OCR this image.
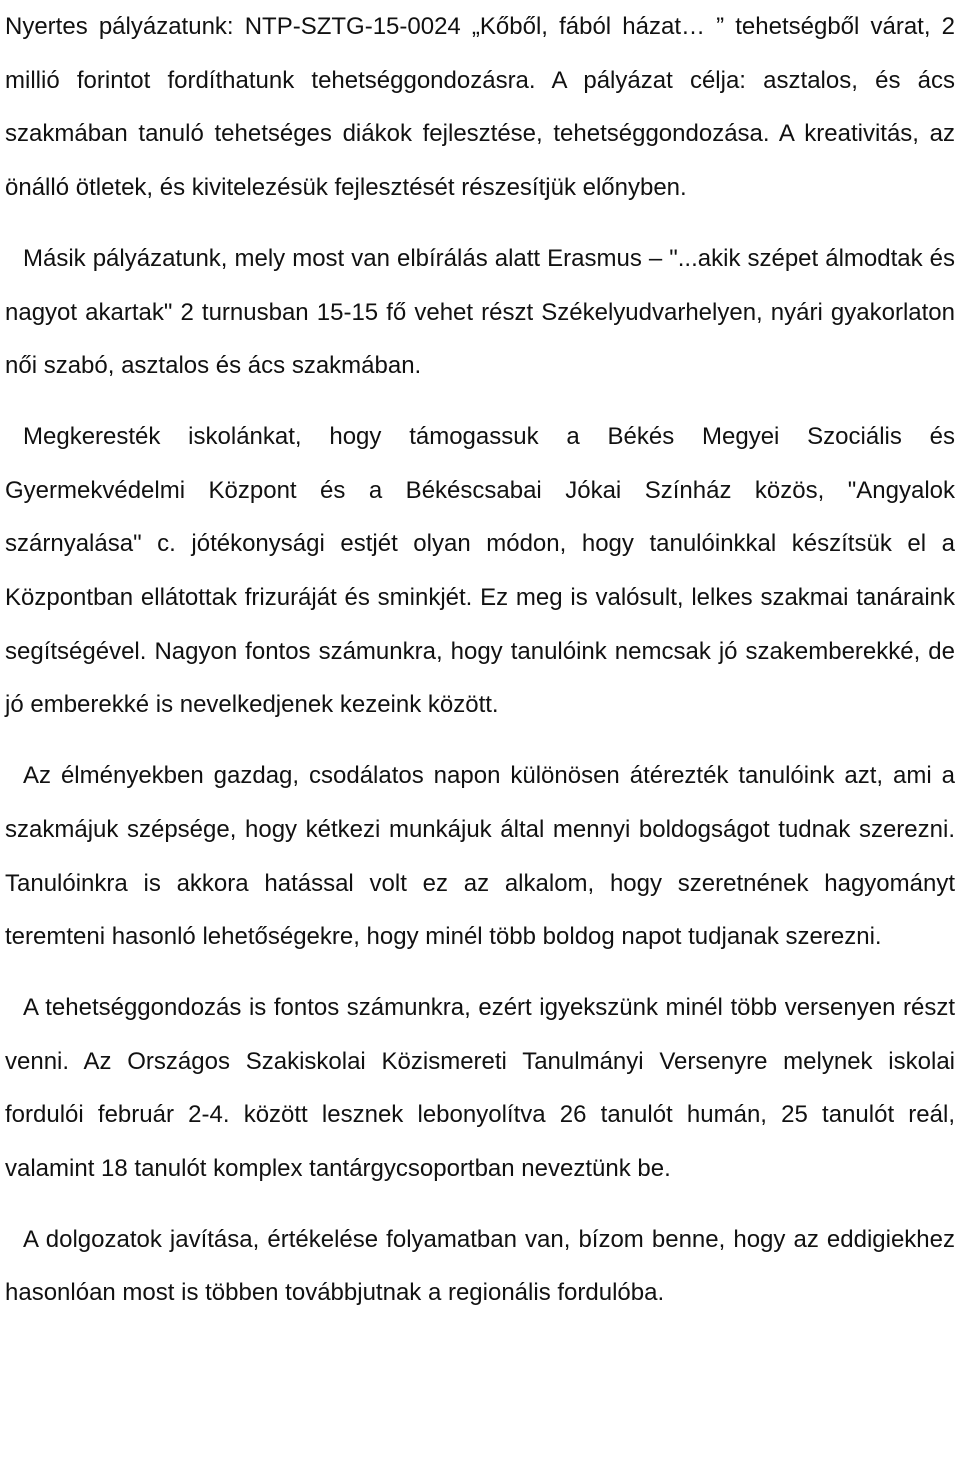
Nyertes pályázatunk: NTP-SZTG-15-0024 „Kőből, fából házat… ” tehetségből várat, 2 millió forintot fordíthatunk tehetséggondozásra. A pályázat célja: asztalos, és ács szakmában tanuló tehetséges diákok fejlesztése, tehetséggondozása. A kreativitás, az önálló ötletek, és kivitelezésük fejlesztését részesítjük előnyben.

Másik pályázatunk, mely most van elbírálás alatt Erasmus – "...akik szépet álmodtak és nagyot akartak" 2 turnusban 15-15 fő vehet részt Székelyudvarhelyen, nyári gyakorlaton női szabó, asztalos és ács szakmában.

Megkeresték iskolánkat, hogy támogassuk a Békés Megyei Szociális és Gyermekvédelmi Központ és a Békéscsabai Jókai Színház közös, "Angyalok szárnyalása" c. jótékonysági estjét olyan módon, hogy tanulóinkkal készítsük el a Központban ellátottak frizuráját és sminkjét. Ez meg is valósult, lelkes szakmai tanáraink segítségével. Nagyon fontos számunkra, hogy tanulóink nemcsak jó szakemberekké, de jó emberekké is nevelkedjenek kezeink között.

Az élményekben gazdag, csodálatos napon különösen átérezték tanulóink azt, ami a szakmájuk szépsége, hogy kétkezi munkájuk által mennyi boldogságot tudnak szerezni. Tanulóinkra is akkora hatással volt ez az alkalom, hogy szeretnének hagyományt teremteni hasonló lehetőségekre, hogy minél több boldog napot tudjanak szerezni.

A tehetséggondozás is fontos számunkra, ezért igyekszünk minél több versenyen részt venni. Az Országos Szakiskolai Közismereti Tanulmányi Versenyre melynek iskolai fordulói február 2-4. között lesznek lebonyolítva 26 tanulót humán, 25 tanulót reál, valamint 18 tanulót komplex tantárgycsoportban neveztünk be.

A dolgozatok javítása, értékelése folyamatban van, bízom benne, hogy az eddigiekhez hasonlóan most is többen továbbjutnak a regionális fordulóba.
